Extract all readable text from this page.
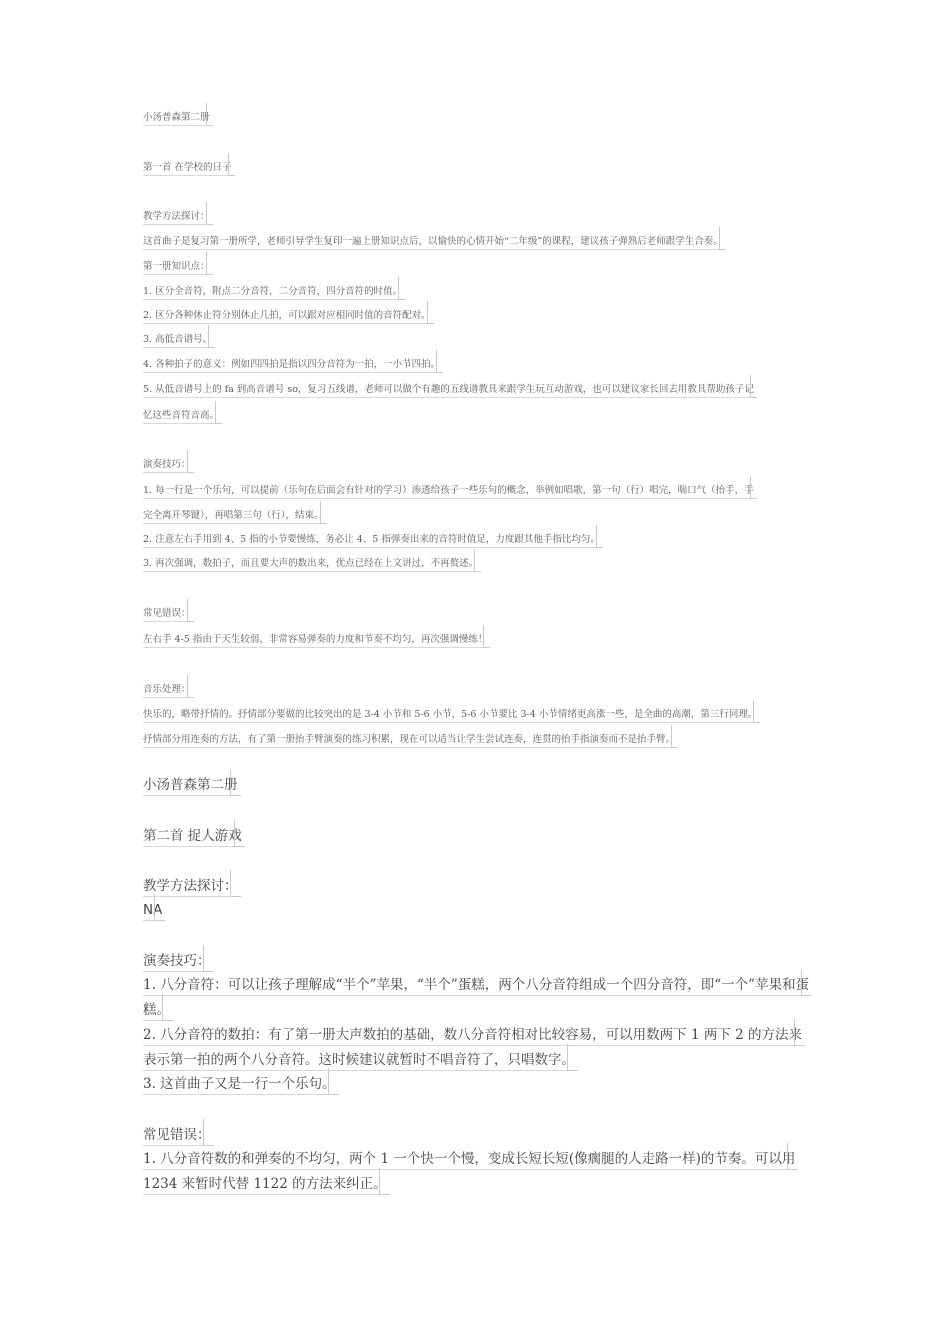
小汤普森第二册
第一首 在学校的日子
教学方法探讨：
这首曲子是复习第一册所学，老师引导学生复印一遍上册知识点后，以愉快的心情开始“二年级”的课程，建议孩子弹熟后老师跟学生合奏。
第一册知识点：
1. 区分全音符，附点二分音符，二分音符，四分音符的时值。
2. 区分各种休止符分别休止几拍，可以跟对应相同时值的音符配对。
3. 高低音谱号。
4. 各种拍子的意义：例如四四拍是指以四分音符为一拍，一小节四拍。
5. 从低音谱号上的 fa 到高音谱号 so，复习五线谱，老师可以做个有趣的五线谱教具来跟学生玩互动游戏，也可以建议家长回去用教具帮助孩子记
忆这些音符音高。
演奏技巧：
1. 每一行是一个乐句，可以提前（乐句在后面会有针对的学习）渗透给孩子一些乐句的概念，举例如唱歌，第一句（行）唱完，喘口气（抬手，手
完全离开琴键），再唱第三句（行），结束。
2. 注意左右手用到 4、5 指的小节要慢练，务必让 4、5 指弹奏出来的音符时值足，力度跟其他手指比均匀。
3. 再次强调，数拍子，而且要大声的数出来，优点已经在上文讲过，不再赘述。
常见错误：
左右手 4-5 指由于天生较弱，非常容易弹奏的力度和节奏不均匀，再次强调慢练！
音乐处理：
快乐的，略带抒情的。抒情部分要做的比较突出的是 3-4 小节和 5-6 小节，5-6 小节要比 3-4 小节情绪更高涨一些，是全曲的高潮，第三行同理。
抒情部分用连奏的方法，有了第一册抬手臂演奏的练习积累，现在可以适当让学生尝试连奏，连贯的抬手指演奏而不是抬手臂。
小汤普森第二册
第二首 捉人游戏
教学方法探讨：
NA
演奏技巧：
1. 八分音符：可以让孩子理解成“半个”苹果，“半个”蛋糕，两个八分音符组成一个四分音符，即“一个”苹果和蛋
糕。
2. 八分音符的数拍：有了第一册大声数拍的基础，数八分音符相对比较容易，可以用数两下 1 两下 2 的方法来
表示第一拍的两个八分音符。这时候建议就暂时不唱音符了，只唱数字。
3. 这首曲子又是一行一个乐句。
常见错误：
1. 八分音符数的和弹奏的不均匀，两个 1 一个快一个慢，变成长短长短(像瘸腿的人走路一样)的节奏。可以用
1234 来暂时代替 1122 的方法来纠正。
